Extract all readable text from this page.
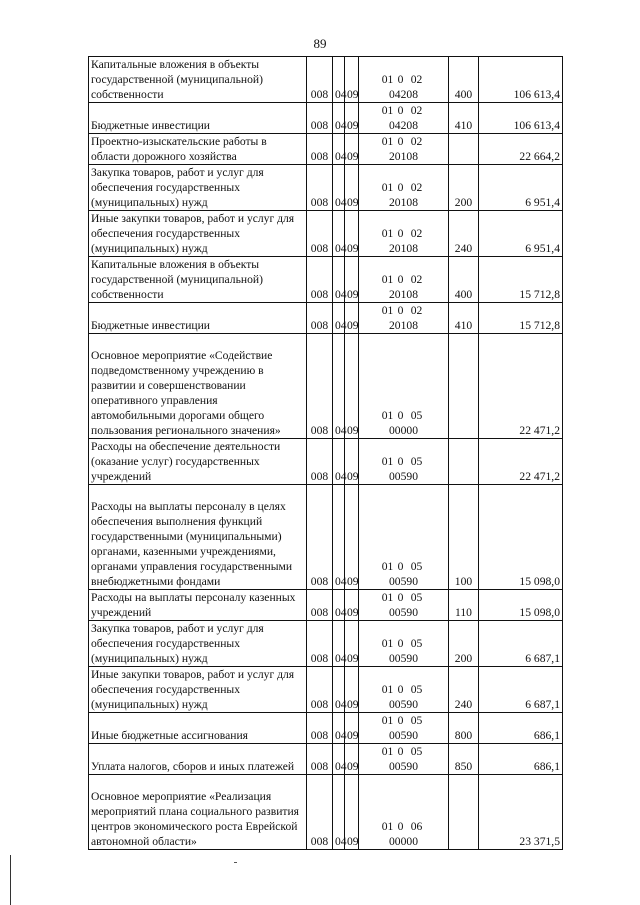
89
Капитальные вложения в объекты государственной (муниципальной) собственности	008	04	09	01 0 0204208	400	106 613,4
Бюджетные инвестиции	008	04	09	01 0 0204208	410	106 613,4
Проектно-изыскательские работы в области дорожного хозяйства	008	04	09	01 0 0220108		22 664,2
Закупка товаров, работ и услуг для обеспечения государственных (муниципальных) нужд	008	04	09	01 0 0220108	200	6 951,4
Иные закупки товаров, работ и услуг для обеспечения государственных (муниципальных) нужд	008	04	09	01 0 0220108	240	6 951,4
Капитальные вложения в объекты государственной (муниципальной) собственности	008	04	09	01 0 0220108	400	15 712,8
Бюджетные инвестиции	008	04	09	01 0 0220108	410	15 712,8
Основное мероприятие «Содействие подведомственному учреждению в развитии и совершенствовании оперативного управления автомобильными дорогами общего пользования регионального значения»	008	04	09	01 0 0500000		22 471,2
Расходы на обеспечение деятельности (оказание услуг) государственных учреждений	008	04	09	01 0 0500590		22 471,2
Расходы на выплаты персоналу в целях обеспечения выполнения функций государственными (муниципальными) органами, казенными учреждениями, органами управления государственными внебюджетными фондами	008	04	09	01 0 0500590	100	15 098,0
Расходы на выплаты персоналу казенных учреждений	008	04	09	01 0 0500590	110	15 098,0
Закупка товаров, работ и услуг для обеспечения государственных (муниципальных) нужд	008	04	09	01 0 0500590	200	6 687,1
Иные закупки товаров, работ и услуг для обеспечения государственных (муниципальных) нужд	008	04	09	01 0 0500590	240	6 687,1
Иные бюджетные ассигнования	008	04	09	01 0 0500590	800	686,1
Уплата налогов, сборов и иных платежей	008	04	09	01 0 0500590	850	686,1
Основное мероприятие «Реализация мероприятий плана социального развития центров экономического роста Еврейской автономной области»	008	04	09	01 0 0600000		23 371,5
